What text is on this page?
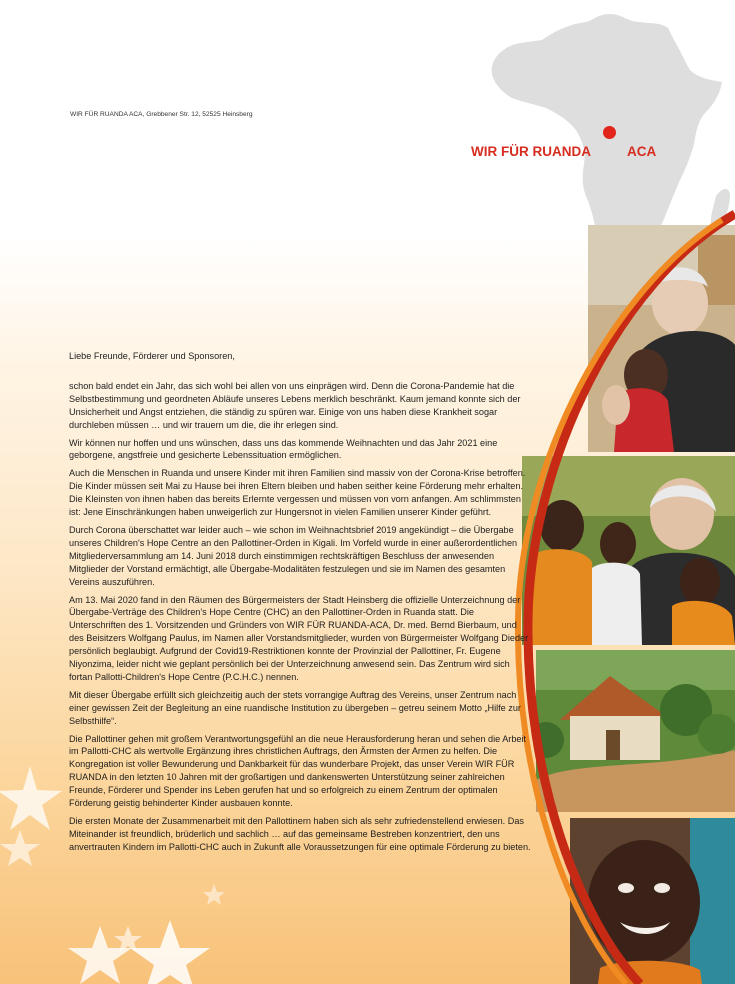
WIR FÜR RUANDA ACA, Grebbener Str. 12, 52525 Heinsberg
WIR FÜR RUANDA	ACA

Liebe Freunde, Förderer und Sponsoren,

schon bald endet ein Jahr, das sich wohl bei allen von uns einprägen wird. Denn die Corona-Pandemie hat die Selbstbestimmung und geordneten Abläufe unseres Lebens merklich beschränkt. Kaum jemand konnte sich der Unsicherheit und Angst entziehen, die ständig zu spüren war. Einige von uns haben diese Krankheit sogar durchleben müssen … und wir trauern um die, die ihr erlegen sind.

Wir können nur hoffen und uns wünschen, dass uns das kommende Weihnachten und das Jahr 2021 eine geborgene, angstfreie und gesicherte Lebenssituation ermöglichen.

Auch die Menschen in Ruanda und unsere Kinder mit ihren Familien sind massiv von der Corona-Krise betroffen. Die Kinder müssen seit Mai zu Hause bei ihren Eltern bleiben und haben seither keine Förderung mehr erhalten. Die Kleinsten von ihnen haben das bereits Erlernte vergessen und müssen von vorn anfangen. Am schlimmsten ist: Jene Einschränkungen haben unweigerlich zur Hungersnot in vielen Familien unserer Kinder geführt.

Durch Corona überschattet war leider auch – wie schon im Weihnachtsbrief 2019 angekündigt – die Übergabe unseres Children's Hope Centre an den Pallottiner-Orden in Kigali. Im Vorfeld wurde in einer außerordentlichen Mitgliederversammlung am 14. Juni 2018 durch einstimmigen rechtskräftigen Beschluss der anwesenden Mitglieder der Vorstand ermächtigt, alle Übergabe-Modalitäten festzulegen und sie im Namen des gesamten Vereins auszuführen.

Am 13. Mai 2020 fand in den Räumen des Bürgermeisters der Stadt Heinsberg die offizielle Unterzeichnung der Übergabe-Verträge des Children's Hope Centre (CHC) an den Pallottiner-Orden in Ruanda statt. Die Unterschriften des 1. Vorsitzenden und Gründers von WIR FÜR RUANDA-ACA, Dr. med. Bernd Bierbaum, und des Beisitzers Wolfgang Paulus, im Namen aller Vorstandsmitglieder, wurden von Bürgermeister Wolfgang Dieder persönlich beglaubigt. Aufgrund der Covid19-Restriktionen konnte der Provinzial der Pallottiner, Fr. Eugene Niyonzima, leider nicht wie geplant persönlich bei der Unterzeichnung anwesend sein. Das Zentrum wird sich fortan Pallotti-Children's Hope Centre (P.C.H.C.) nennen.

Mit dieser Übergabe erfüllt sich gleichzeitig auch der stets vorrangige Auftrag des Vereins, unser Zentrum nach einer gewissen Zeit der Begleitung an eine ruandische Institution zu übergeben – getreu seinem Motto „Hilfe zur Selbsthilfe“.

Die Pallottiner gehen mit großem Verantwortungsgefühl an die neue Herausforderung heran und sehen die Arbeit im Pallotti-CHC als wertvolle Ergänzung ihres christlichen Auftrags, den Ärmsten der Armen zu helfen. Die Kongregation ist voller Bewunderung und Dankbarkeit für das wunderbare Projekt, das unser Verein WIR FÜR RUANDA in den letzten 10 Jahren mit der großartigen und dankenswerten Unterstützung seiner zahlreichen Freunde, Förderer und Spender ins Leben gerufen hat und so erfolgreich zu einem Zentrum der optimalen Förderung geistig behinderter Kinder ausbauen konnte.

Die ersten Monate der Zusammenarbeit mit den Pallottinern haben sich als sehr zufriedenstellend erwiesen. Das Miteinander ist freundlich, brüderlich und sachlich … auf das gemeinsame Bestreben konzentriert, den uns anvertrauten Kindern im Pallotti-CHC auch in Zukunft alle Voraussetzungen für eine optimale Förderung zu bieten.
